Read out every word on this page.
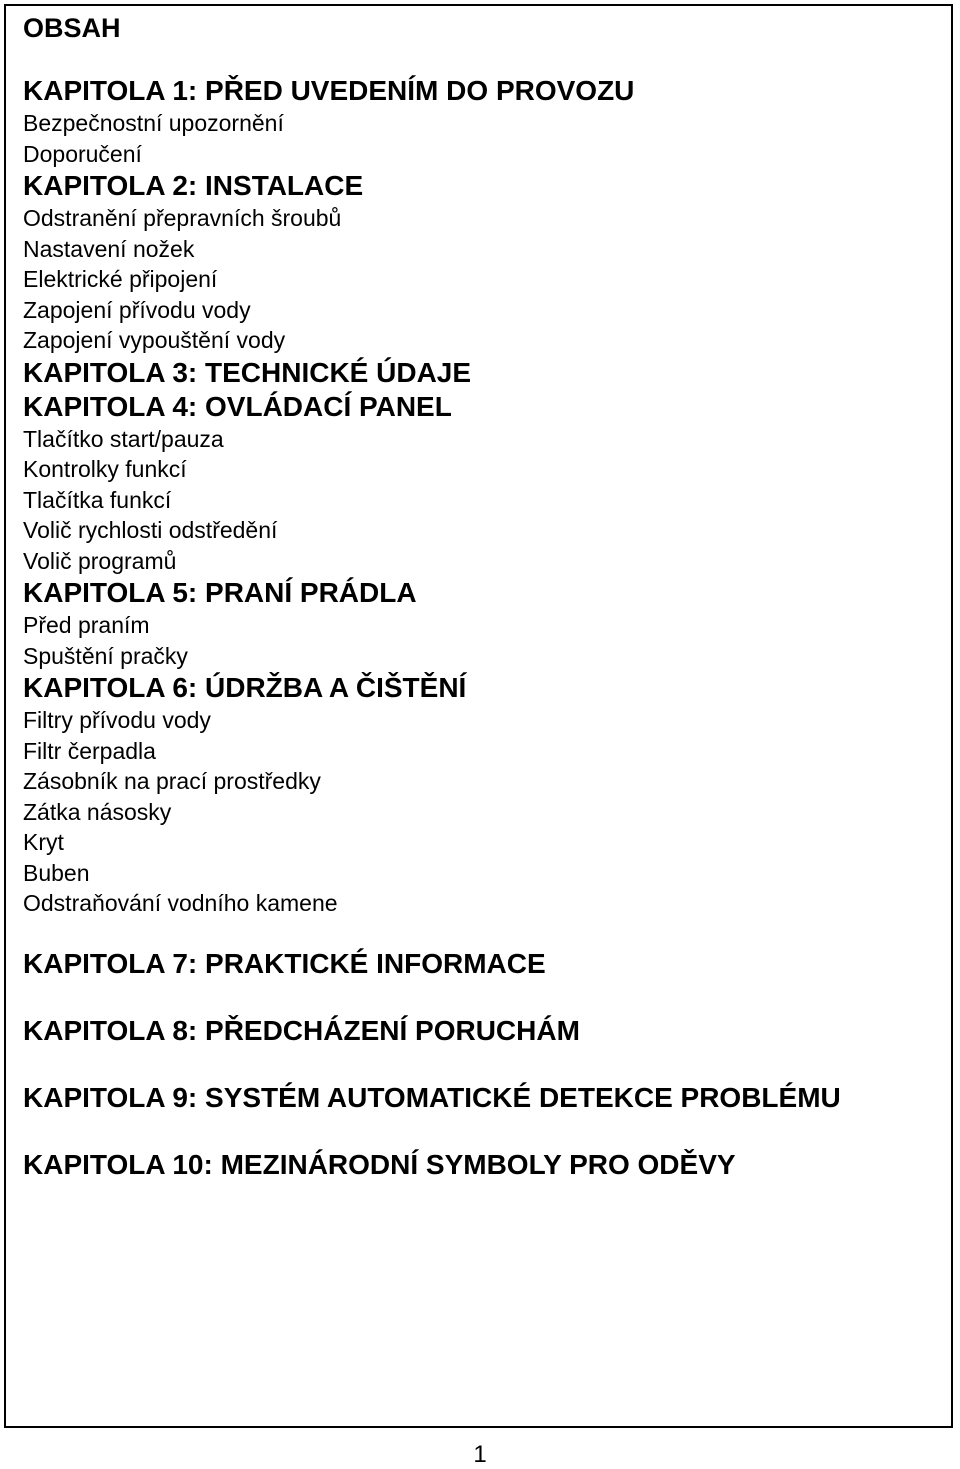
OBSAH
KAPITOLA 1: PŘED UVEDENÍM DO PROVOZU
Bezpečnostní upozornění
Doporučení
KAPITOLA 2: INSTALACE
Odstranění přepravních šroubů
Nastavení nožek
Elektrické připojení
Zapojení přívodu vody
Zapojení vypouštění vody
KAPITOLA 3: TECHNICKÉ ÚDAJE
KAPITOLA 4: OVLÁDACÍ PANEL
Tlačítko start/pauza
Kontrolky funkcí
Tlačítka funkcí
Volič rychlosti odstředění
Volič programů
KAPITOLA 5: PRANÍ PRÁDLA
Před praním
Spuštění pračky
KAPITOLA 6: ÚDRŽBA A ČIŠTĚNÍ
Filtry přívodu vody
Filtr čerpadla
Zásobník na prací prostředky
Zátka násosky
Kryt
Buben
Odstraňování vodního kamene
KAPITOLA 7: PRAKTICKÉ INFORMACE
KAPITOLA 8: PŘEDCHÁZENÍ PORUCHÁM
KAPITOLA 9: SYSTÉM AUTOMATICKÉ DETEKCE PROBLÉMU
KAPITOLA 10: MEZINÁRODNÍ SYMBOLY PRO ODĚVY
1
